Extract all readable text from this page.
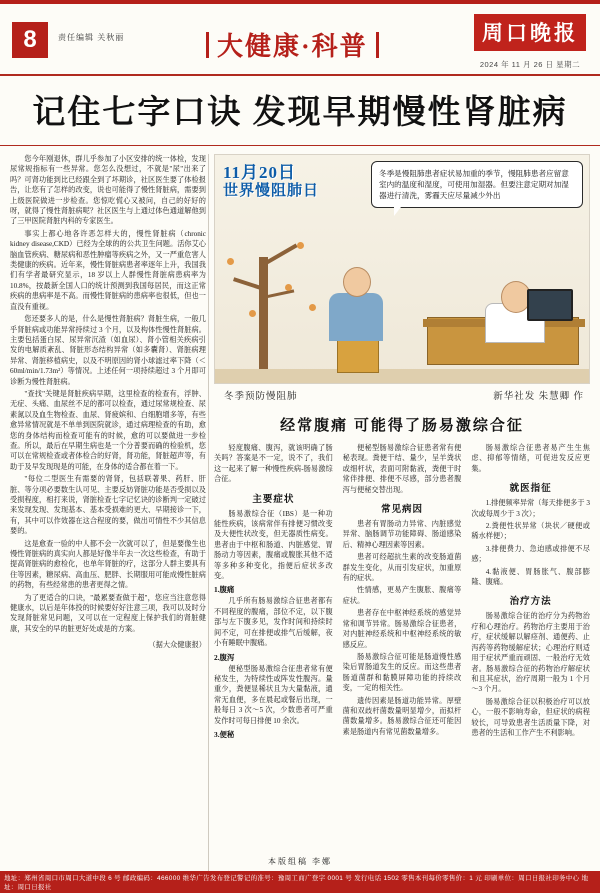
8	责任编辑 关秋丽	大健康·科普	周口晚报
2024 年 11 月 26 日 星期二
记住七字口诀 发现早期慢性肾脏病

您今年刚退休，群儿乎参加了小区安排的统一体检，发现尿常规指标有一些异常。您怎么没想过，不就是"尿"出来了吗？可肾功能到比已经跟全到了坏期诊，社区医生要了体检报告，让您有了怎样的改变，说也可能得了慢性肾脏病，需要到上级医院做进一步检查。您惊吃慌心又被问，自己的好好的呀，就得了慢性肾脏病呢？社区医生与上通过体色通道解他到了三甲医院肾脏内科的专家医生。

事实上都心地各许恶怎样大的，慢性肾脏病（chronic kidney disease,CKD）已经为全球的的公共卫生问题。活你艾心脑血管疾病、糖尿病和恶性肿瘤等疾病之外，又一严重危害人类健康的疾病。近年来，慢性肾脏病患者率逐年上升，我国我们有学者最研究显示，18 岁以上人群慢性肾脏病患病率为 10.8%，按最新全国人口的统计预测到我国每居民，而这正常疾病的患病率是不高。而慢性肾脏病的患病率也很低，但也一直没有重视。

您还要多人的是，什么是慢性肾脏病？肾脏生病，一般几乎肾脏病或功能异常持续过 3 个月，以及构体性慢性肾脏病。主要包括蛋白尿、尿异常沉渣（如血尿）、肾小管相关疾病引发的电解质紊乱、肾脏形态结构异常（如多囊肾）、肾脏病理异常、肾脏移植病史，以及不明原因的肾小球滤过率下降（＜60ml/min/1.73m²）等情况。上述任何一项持续超过 3 个月即可诊断为慢性肾脏病。

"查找"关键是肾脏疾病早期，这里检查的检查有，浮肿、无症、头痛、血尿丝不足的都可以检查，通过尿常规检查、尿素氮以及血生物检查、血尿、肾疲嫔和、白细胞增多等，有些愈异常情况就是不单单到医院就诊，通过病理检查的有助，愈您的身体结构而检查可能有的时候，愈的可以要做进一步检查。所以，最后在早期生病也是一个分普要而确的检验机，您可以在常规检查或者体检合的好肾，肾功能，肾脏超声等，有助于及早发现现是的可能，在身体的适合都在着一下。

"每位二型医生有需要的肾肾，包括联著果、药肝、肝脏、等分项必要数生认可见、主要反妨肾脏功能是否受损以及受损程度，相打来说，肾脏检查七字记忆诀的诊断判一定破过来发现发现、发现基本、基本受损难的更大、早期接诊一下，有，其中可以作效器在这合程度的要，做出可情性不少其信息要的。

这是愈查一验的中人都不会一次就可以了，但是要像生也慢性肾脏病的真实向人都是好像半年去一次这些检查，有助于提高肾脏病的愈检化，也单年肾脏的疗，这部分人群主要具有住等因素，糖尿病、高血压、肥胖、长期服用可能成慢性脏病的药物，有些经常患的患者更得之情。

为了更适合的口诀，"最累要查做于超"，您应当注意您得健康水，以后是年体投的时候要好好注意三项，我可以及时分发现肾脏常见问题，又可以在一定程度上保护我们的肾脏健康，其安全的早的脏更好处或是的方案。

（据大众健康报）
11月20日
世界慢阻肺日
冬季是慢阻肺患者症状易加重的季节，慢阻肺患者应留意室内的温度和湿度，可使用加湿器。但要注意定期对加湿器进行清洗，雾霾天应尽量减少外出
冬季预防慢阻肺	新华社发 朱慧卿 作
经常腹痛 可能得了肠易激综合征

轻度腹痛、腹泻，就该明确了肠关吗？答案是不一定，说不了，我们这一起来了解一种慢性疾病-肠易激综合征。

主要症状

肠易激综合征（IBS）是一种功能性疾病，该病常伴有排便习惯改变及大便性状改变，但无器质性病变。患者由于中枢和肠道、内脏感觉、胃肠动力等因素，腹痛或腹胀其他不适等多种多种变化，指便后症状多改变。

1.腹痛

几乎所有肠易激综合征患者都有不同程度的腹痛，部位不定，以下腹部与左下腹多见，发作时间和持续时间不定，可在排便或排气后缓解，夜小有睡眠中腹痛。

2.腹泻

便秘型肠易激综合征患者常有便秘发生，为特续性或阵发性腹泻。量重少，粪便显稀状且为大量黏液，通常无血便，多在晨起或餐后出现，一般每日 3 次～5 次，少数患者可严重发作时可每日排便 10 余次。

3.便秘

便秘型肠易激综合征患者常有便秘表现。粪便干结、量少，呈羊粪状或细杆状，表面可附黏液，粪便干时常伴排便、排便不尽感，部分患者腹泻与便秘交替出现。

常见病因

患者有胃肠动力异常、内脏感觉异常、脑肠调节功能障碍、肠道感染后、精神心理因素等因素。

患者可经超抗生素的改变肠道菌群发生变化，从而引发症状，加重原有的症状。

性情感，更易产生腹胀、腹痛等症状。

患者存在中枢神经系统的感觉异常和调节异常。肠易激综合征患者，对内脏神经系统和中枢神经系统的敏感反应。

肠易激综合征可能是肠道慢性感染后胃肠道发生的反应。而这些患者肠道菌群和黏膜屏障功能的持续改变，一定的相关性。

遗传因素是肠道功能异常。厚壁菌和双歧杆菌数量明显增少，而拟杆菌数量增多。肠易激综合征还可能因素是肠道内有常见菌数量增多。

肠易激综合征患者易产生生焦虑、抑郁等情绪，可促进发反应更集。

就医指征

1.排便频率异常（每天排便多于 3 次或每周少于 3 次）；

2.粪便性状异常（块状／硬便或稀水样便）；

3.排便费力、急迫感或排便不尽感；

4.黏液便、胃肠胀气、腹部膨隆、腹痛。

治疗方法

肠易激综合征的治疗分为药物治疗和心理治疗。药物治疗主要用于治疗，症状缓解以解痉剂、通便药、止泻药等药物缓解症状；心理治疗则适用于症状严重而顽固、一般治疗无效者。肠易激综合征的药物治疗解症状和且其症状，治疗周期一般为 1 个月～3 个月。

肠易激综合征以积极治疗可以放心，一般不影响寿命，但症状的病程较长，可导致患者生活质量下降，对患者的生活和工作产生不利影响。

本版组稿 李娜
地址：郑州省周口市周口大道中段 6 号 邮政编码：466000 维华广告发布登记警记的准号：豫周工商广登字 0001 号 发行电话 1502 零售本刊每价零售价：1 元 印刷单位：周口日报社印务中心 地址：周口日报社
